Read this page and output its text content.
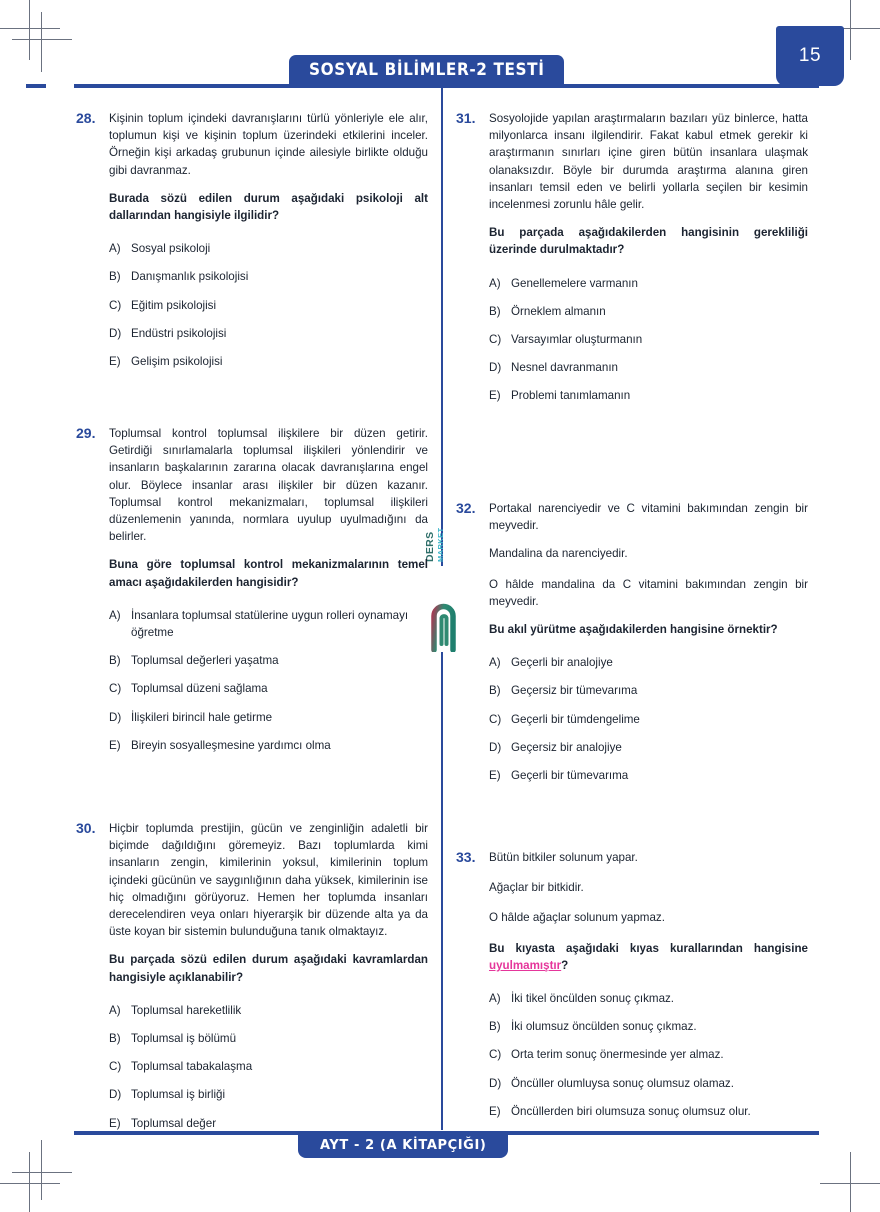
15
SOSYAL BİLİMLER-2 TESTİ
DERS MARKET
28.	Kişinin toplum içindeki davranışlarını türlü yönleriyle ele alır, toplumun kişi ve kişinin toplum üzerindeki etkilerini inceler. Örneğin kişi arkadaş grubunun içinde ailesiyle birlikte olduğu gibi davranmaz.

Burada sözü edilen durum aşağıdaki psikoloji alt dallarından hangisiyle ilgilidir?

A) Sosyal psikoloji
B) Danışmanlık psikolojisi
C) Eğitim psikolojisi
D) Endüstri psikolojisi
E) Gelişim psikolojisi
29.	Toplumsal kontrol toplumsal ilişkilere bir düzen getirir. Getirdiği sınırlamalarla toplumsal ilişkileri yönlendirir ve insanların başkalarının zararına olacak davranışlarına engel olur. Böylece insanlar arası ilişkiler bir düzen kazanır. Toplumsal kontrol mekanizmaları, toplumsal ilişkileri düzenlemenin yanında, normlara uyulup uyulmadığını da belirler.

Buna göre toplumsal kontrol mekanizmalarının temel amacı aşağıdakilerden hangisidir?

A) İnsanlara toplumsal statülerine uygun rolleri oynamayı öğretme
B) Toplumsal değerleri yaşatma
C) Toplumsal düzeni sağlama
D) İlişkileri birincil hale getirme
E) Bireyin sosyalleşmesine yardımcı olma
30.	Hiçbir toplumda prestijin, gücün ve zenginliğin adaletli bir biçimde dağıldığını göremeyiz. Bazı toplumlarda kimi insanların zengin, kimilerinin yoksul, kimilerinin toplum içindeki gücünün ve saygınlığının daha yüksek, kimilerinin ise hiç olmadığını görüyoruz. Hemen her toplumda insanları derecelendiren veya onları hiyerarşik bir düzende alta ya da üste koyan bir sistemin bulunduğuna tanık olmaktayız.

Bu parçada sözü edilen durum aşağıdaki kavramlardan hangisiyle açıklanabilir?

A) Toplumsal hareketlilik
B) Toplumsal iş bölümü
C) Toplumsal tabakalaşma
D) Toplumsal iş birliği
E) Toplumsal değer
31.	Sosyolojide yapılan araştırmaların bazıları yüz binlerce, hatta milyonlarca insanı ilgilendirir. Fakat kabul etmek gerekir ki araştırmanın sınırları içine giren bütün insanlara ulaşmak olanaksızdır. Böyle bir durumda araştırma alanına giren insanları temsil eden ve belirli yollarla seçilen bir kesimin incelenmesi zorunlu hâle gelir.

Bu parçada aşağıdakilerden hangisinin gerekliliği üzerinde durulmaktadır?

A) Genellemelere varmanın
B) Örneklem almanın
C) Varsayımlar oluşturmanın
D) Nesnel davranmanın
E) Problemi tanımlamanın
32.	Portakal narenciyedir ve C vitamini bakımından zengin bir meyvedir.

Mandalina da narenciyedir.

O hâlde mandalina da C vitamini bakımından zengin bir meyvedir.

Bu akıl yürütme aşağıdakilerden hangisine örnektir?

A) Geçerli bir analojiye
B) Geçersiz bir tümevarıma
C) Geçerli bir tümdengelime
D) Geçersiz bir analojiye
E) Geçerli bir tümevarıma
33.	Bütün bitkiler solunum yapar.

Ağaçlar bir bitkidir.

O hâlde ağaçlar solunum yapmaz.

Bu kıyasta aşağıdaki kıyas kurallarından hangisine uyulmamıştır?

A) İki tikel öncülden sonuç çıkmaz.
B) İki olumsuz öncülden sonuç çıkmaz.
C) Orta terim sonuç önermesinde yer almaz.
D) Öncüller olumluysa sonuç olumsuz olamaz.
E) Öncüllerden biri olumsuza sonuç olumsuz olur.
AYT - 2 (A KİTAPÇIĞI)
